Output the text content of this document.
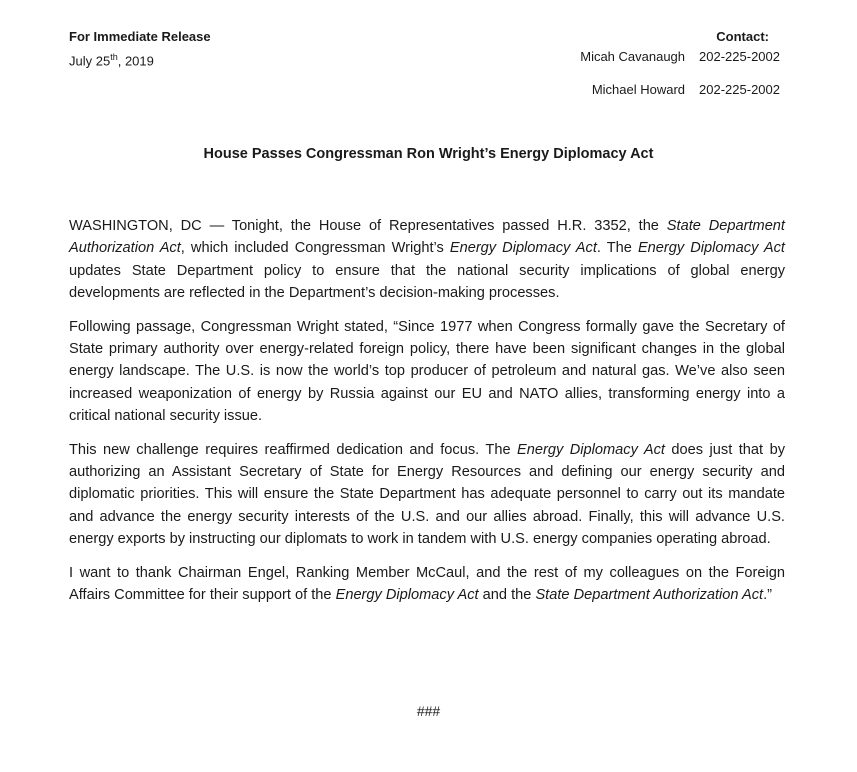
For Immediate Release
July 25th, 2019
Contact:
Micah Cavanaugh 202-225-2002
Michael Howard 202-225-2002
House Passes Congressman Ron Wright’s Energy Diplomacy Act

WASHINGTON, DC — Tonight, the House of Representatives passed H.R. 3352, the State Department Authorization Act, which included Congressman Wright’s Energy Diplomacy Act. The Energy Diplomacy Act updates State Department policy to ensure that the national security implications of global energy developments are reflected in the Department’s decision-making processes.

Following passage, Congressman Wright stated, “Since 1977 when Congress formally gave the Secretary of State primary authority over energy-related foreign policy, there have been significant changes in the global energy landscape. The U.S. is now the world’s top producer of petroleum and natural gas. We’ve also seen increased weaponization of energy by Russia against our EU and NATO allies, transforming energy into a critical national security issue.

This new challenge requires reaffirmed dedication and focus. The Energy Diplomacy Act does just that by authorizing an Assistant Secretary of State for Energy Resources and defining our energy security and diplomatic priorities. This will ensure the State Department has adequate personnel to carry out its mandate and advance the energy security interests of the U.S. and our allies abroad. Finally, this will advance U.S. energy exports by instructing our diplomats to work in tandem with U.S. energy companies operating abroad.

I want to thank Chairman Engel, Ranking Member McCaul, and the rest of my colleagues on the Foreign Affairs Committee for their support of the Energy Diplomacy Act and the State Department Authorization Act.”

###
